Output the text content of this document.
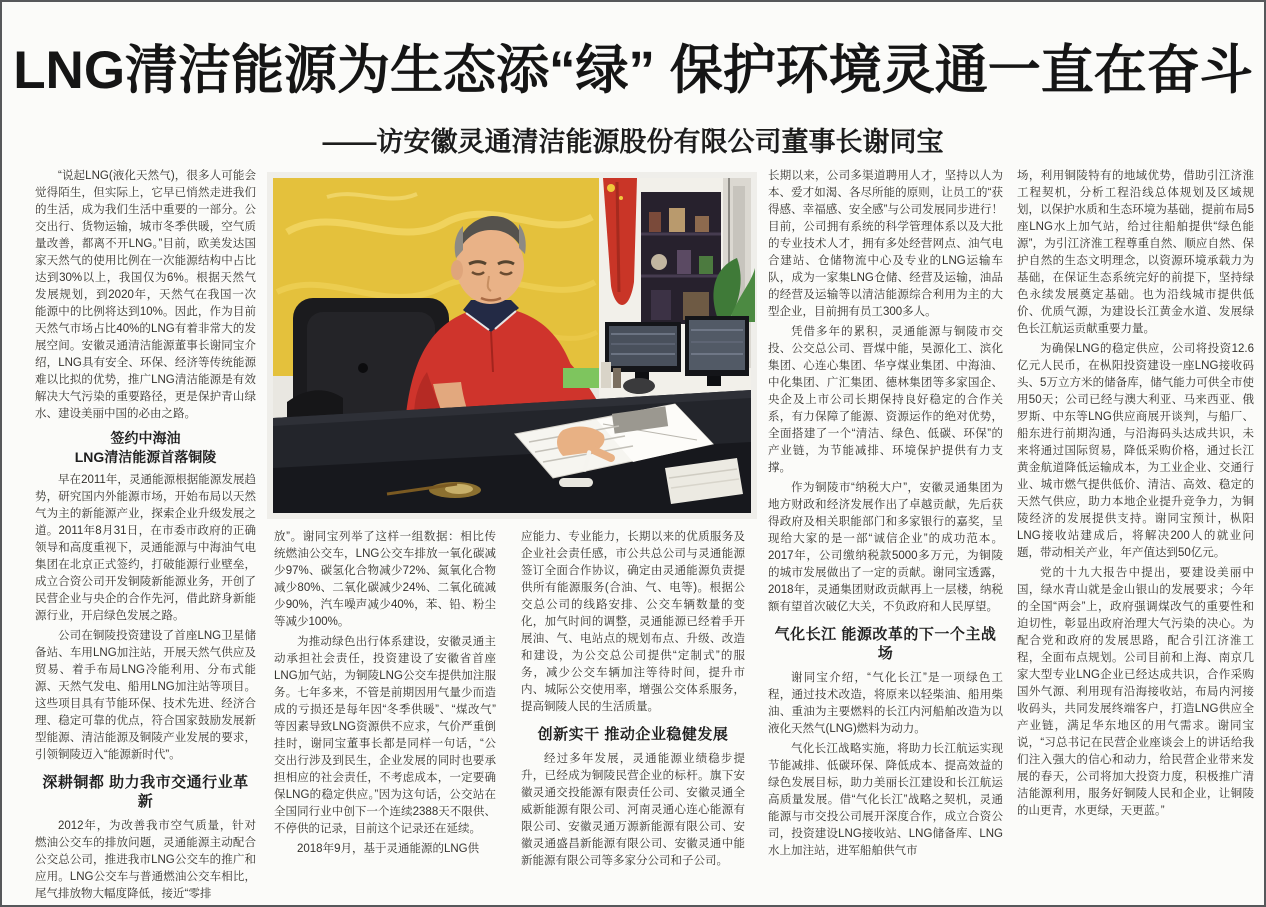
LNG清洁能源为生态添“绿” 保护环境灵通一直在奋斗
——访安徽灵通清洁能源股份有限公司董事长谢同宝

“说起LNG(液化天然气)，很多人可能会觉得陌生，但实际上，它早已悄然走进我们的生活，成为我们生活中重要的一部分。公交出行、货物运输，城市冬季供暖，空气质量改善，都离不开LNG。”目前，欧美发达国家天然气的使用比例在一次能源结构中占比达到30%以上，我国仅为6%。根据天然气发展规划，到2020年，天然气在我国一次能源中的比例将达到10%。因此，作为目前天然气市场占比40%的LNG有着非常大的发展空间。安徽灵通清洁能源董事长谢同宝介绍，LNG具有安全、环保、经济等传统能源难以比拟的优势，推广LNG清洁能源是有效解决大气污染的重要路径，更是保护青山绿水、建设美丽中国的必由之路。

签约中海油
LNG清洁能源首落铜陵

早在2011年，灵通能源根据能源发展趋势，研究国内外能源市场，开始布局以天然气为主的新能源产业，探索企业升级发展之道。2011年8月31日，在市委市政府的正确领导和高度重视下，灵通能源与中海油气电集团在北京正式签约，打破能源行业壁垒，成立合资公司开发铜陵新能源业务，开创了民营企业与央企的合作先河，借此跻身新能源行业，开启绿色发展之路。

公司在铜陵投资建设了首座LNG卫星储备站、车用LNG加注站，开展天然气供应及贸易、着手布局LNG冷能利用、分布式能源、天然气发电、船用LNG加注站等项目。这些项目具有节能环保、技术先进、经济合理、稳定可靠的优点，符合国家鼓励发展新型能源、清洁能源及铜陵产业发展的要求，引领铜陵迈入“能源新时代”。

深耕铜都 助力我市交通行业革新

2012年，为改善我市空气质量，针对燃油公交车的排放问题，灵通能源主动配合公交总公司，推进我市LNG公交车的推广和应用。LNG公交车与普通燃油公交车相比，尾气排放物大幅度降低，接近“零排

放”。谢同宝列举了这样一组数据：相比传统燃油公交车，LNG公交车排放一氧化碳减少97%、碳氢化合物减少72%、氮氧化合物减少80%、二氧化碳减少24%、二氧化硫减少90%，汽车噪声减少40%，苯、铅、粉尘等减少100%。

为推动绿色出行体系建设，安徽灵通主动承担社会责任，投资建设了安徽省首座LNG加气站，为铜陵LNG公交车提供加注服务。七年多来，不管是前期因用气量少而造成的亏损还是每年因“冬季供暖”、“煤改气”等因素导致LNG资源供不应求，气价严重倒挂时，谢同宝董事长都是同样一句话，“公交出行涉及到民生，企业发展的同时也要承担相应的社会责任，不考虑成本，一定要确保LNG的稳定供应。”因为这句话，公交站在全国同行业中创下一个连续2388天不限供、不停供的记录，目前这个记录还在延续。

2018年9月，基于灵通能源的LNG供

应能力、专业能力，长期以来的优质服务及企业社会责任感，市公共总公司与灵通能源签订全面合作协议，确定由灵通能源负责提供所有能源服务(合油、气、电等)。根据公交总公司的线路安排、公交车辆数量的变化，加气时间的调整，灵通能源已经着手开展油、气、电站点的规划布点、升级、改造和建设，为公交总公司提供“定制式”的服务，减少公交车辆加注等待时间，提升市内、城际公交使用率，增强公交体系服务，提高铜陵人民的生活质量。

创新实干 推动企业稳健发展

经过多年发展，灵通能源业绩稳步提升，已经成为铜陵民营企业的标杆。旗下安徽灵通交投能源有限责任公司、安徽灵通全威新能源有限公司、河南灵通心连心能源有限公司、安徽灵通万源新能源有限公司、安徽灵通盛昌新能源有限公司、安徽灵通中能新能源有限公司等多家分公司和子公司。

长期以来，公司多渠道聘用人才，坚持以人为本、爱才如渴、各尽所能的原则，让员工的“获得感、幸福感、安全感”与公司发展同步进行！目前，公司拥有系统的科学管理体系以及大批的专业技术人才，拥有多处经营网点、油气电合建站、仓储物流中心及专业的LNG运输车队，成为一家集LNG仓储、经营及运输，油品的经营及运输等以清洁能源综合利用为主的大型企业，目前拥有员工300多人。

凭借多年的累积，灵通能源与铜陵市交投、公交总公司、晋煤中能，昊源化工、滨化集团、心连心集团、华亨煤业集团、中海油、中化集团、广汇集团、德林集团等多家国企、央企及上市公司长期保持良好稳定的合作关系，有力保障了能源、资源运作的绝对优势，全面搭建了一个“清洁、绿色、低碳、环保”的产业链，为节能减排、环境保护提供有力支撑。

作为铜陵市“纳税大户”，安徽灵通集团为地方财政和经济发展作出了卓越贡献，先后获得政府及相关职能部门和多家银行的嘉奖，呈现给大家的是一部“诚信企业”的成功范本。2017年，公司缴纳税款5000多万元，为铜陵的城市发展做出了一定的贡献。谢同宝透露，2018年，灵通集团财政贡献再上一层楼，纳税额有望首次破亿大关，不负政府和人民厚望。

气化长江 能源改革的下一个主战场

谢同宝介绍，“气化长江”是一项绿色工程，通过技术改造，将原来以轻柴油、船用柴油、重油为主要燃料的长江内河船舶改造为以液化天然气(LNG)燃料为动力。

气化长江战略实施，将助力长江航运实现节能减排、低碳环保、降低成本、提高效益的绿色发展目标，助力美丽长江建设和长江航运高质量发展。借“气化长江”战略之契机，灵通能源与市交投公司展开深度合作，成立合资公司，投资建设LNG接收站、LNG储备库、LNG水上加注站，进军船舶供气市

场，利用铜陵特有的地域优势，借助引江济淮工程契机，分析工程沿线总体规划及区域规划，以保护水质和生态环境为基础，提前布局5座LNG水上加气站，给过往船舶提供“绿色能源”，为引江济淮工程尊重自然、顺应自然、保护自然的生态文明理念，以资源环境承载力为基础，在保证生态系统完好的前提下，坚持绿色永续发展奠定基础。也为沿线城市提供低价、优质气源，为建设长江黄金水道、发展绿色长江航运贡献重要力量。

为确保LNG的稳定供应，公司将投资12.6亿元人民币，在枞阳投资建设一座LNG接收码头、5万立方米的储备库，储气能力可供全市使用50天；公司已经与澳大利亚、马来西亚、俄罗斯、中东等LNG供应商展开谈判，与船厂、船东进行前期沟通，与沿海码头达成共识，未来将通过国际贸易，降低采购价格，通过长江黄金航道降低运输成本，为工业企业、交通行业、城市燃气提供低价、清洁、高效、稳定的天然气供应，助力本地企业提升竞争力，为铜陵经济的发展提供支持。谢同宝预计，枞阳LNG接收站建成后，将解决200人的就业问题，带动相关产业，年产值达到50亿元。

党的十九大报告中提出，要建设美丽中国，绿水青山就是金山银山的发展要求；今年的全国“两会”上，政府强调煤改气的重要性和迫切性，彰显出政府治理大气污染的决心。为配合党和政府的发展思路，配合引江济淮工程，全面布点规划。公司目前和上海、南京几家大型专业LNG企业已经达成共识，合作采购国外气源、利用现有沿海接收站，布局内河接收码头，共同发展终端客户，打造LNG供应全产业链，满足华东地区的用气需求。谢同宝说，“习总书记在民营企业座谈会上的讲话给我们注入强大的信心和动力，给民营企业带来发展的春天，公司将加大投资力度，积极推广清洁能源利用，服务好铜陵人民和企业，让铜陵的山更青，水更绿，天更蓝。”
